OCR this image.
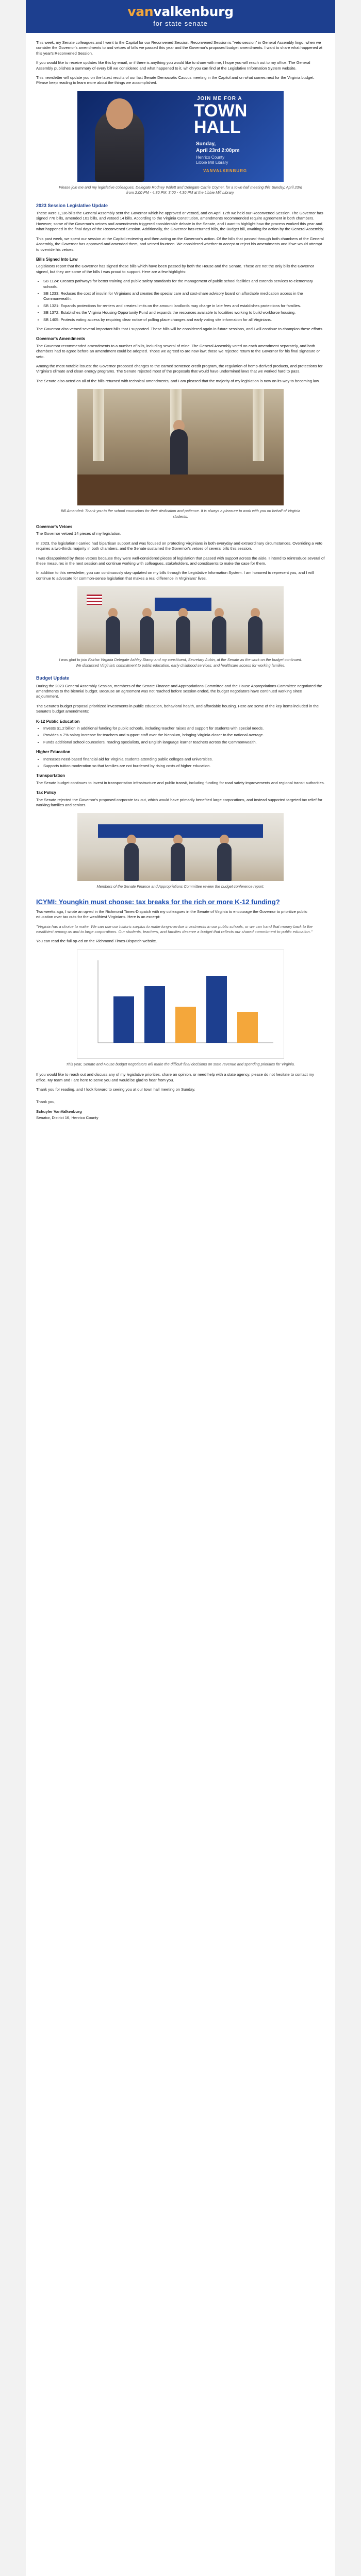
vanvalkenburg
for state senate

This week, my Senate colleagues and I went to the Capitol for our Reconvened Session. Reconvened Session is "veto session" in General Assembly lingo, when we consider the Governor's amendments to and vetoes of bills we passed this year and the Governor's proposed budget amendments. I want to share what happened at this year's Reconvened Session.

If you would like to receive updates like this by email, or if there is anything you would like to share with me, I hope you will reach out to my office. The General Assembly publishes a summary of every bill we considered and what happened to it, which you can find at the Legislative Information System website.

This newsletter will update you on the latest results of our last Senate Democratic Caucus meeting in the Capitol and on what comes next for the Virginia budget. Please keep reading to learn more about the things we accomplished.

JOIN ME FOR A
TOWN
HALL
Sunday,
April 23rd 2:00pm
Henrico County
Libbie Mill Library
VANVALKENBURG
Please join me and my legislative colleagues, Delegate Rodney Willett and Delegate Carrie Coyner, for a town hall meeting this Sunday, April 23rd from 2:00 PM - 4:30 PM, 3:00 - 4:30 PM at the Libbie Mill Library.
2023 Session Legislative Update

These were 1,136 bills the General Assembly sent the Governor which he approved or vetoed, and on April 12th we held our Reconvened Session. The Governor has signed 778 bills, amended 101 bills, and vetoed 14 bills. According to the Virginia Constitution, amendments recommended require agreement in both chambers. However, some of the Governor's vetoes and amendments triggered considerable debate in the Senate, and I want to highlight how the process worked this year and what happened in the final days of the Reconvened Session. Additionally, the Governor has returned bills, the Budget bill, awaiting for action by the General Assembly.

This past week, we spent our session at the Capitol reviewing and then acting on the Governor's action. Of the bills that passed through both chambers of the General Assembly, the Governor has approved and amended them, and vetoed fourteen. We considered whether to accept or reject his amendments and if we would attempt to override his vetoes.

Bills Signed Into Law

Legislators report that the Governor has signed these bills which have been passed by both the House and the Senate. These are not the only bills the Governor signed, but they are some of the bills I was proud to support. Here are a few highlights:

• SB 1124: Creates pathways for better training and public safety standards for the management of public school facilities and extends services to elementary schools.
• SB 1233: Reduces the cost of insulin for Virginians and creates the special care and cost-share advisory board on affordable medication access in the Commonwealth.
• SB 1321: Expands protections for renters and creates limits on the amount landlords may charge in late fees and establishes protections for families.
• SB 1372: Establishes the Virginia Housing Opportunity Fund and expands the resources available to localities working to build workforce housing.
• SB 1405: Protects voting access by requiring clear notice of polling place changes and early voting site information for all Virginians.

The Governor also vetoed several important bills that I supported. These bills will be considered again in future sessions, and I will continue to champion these efforts.

Governor's Amendments

The Governor recommended amendments to a number of bills, including several of mine. The General Assembly voted on each amendment separately, and both chambers had to agree before an amendment could be adopted. Those we agreed to are now law; those we rejected return to the Governor for his final signature or veto.

Among the most notable issues: the Governor proposed changes to the earned sentence credit program, the regulation of hemp-derived products, and protections for Virginia's climate and clean energy programs. The Senate rejected most of the proposals that would have undermined laws that we worked hard to pass.

The Senate also acted on all of the bills returned with technical amendments, and I am pleased that the majority of my legislation is now on its way to becoming law.

Bill Amended: Thank you to the school counselors for their dedication and patience. It is always a pleasure to work with you on behalf of Virginia students.
Governor's Vetoes

The Governor vetoed 14 pieces of my legislation.

In 2023, the legislation I carried had bipartisan support and was focused on protecting Virginians in both everyday and extraordinary circumstances. Overriding a veto requires a two-thirds majority in both chambers, and the Senate sustained the Governor's vetoes of several bills this session.

I was disappointed by these vetoes because they were well-considered pieces of legislation that passed with support across the aisle. I intend to reintroduce several of these measures in the next session and continue working with colleagues, stakeholders, and constituents to make the case for them.

In addition to this newsletter, you can continuously stay updated on my bills through the Legislative Information System. I am honored to represent you, and I will continue to advocate for common-sense legislation that makes a real difference in Virginians' lives.

I was glad to join Fairfax Virginia Delegate Ashley Stamp and my constituent, Secretary Aubin, at the Senate as the work on the budget continued. We discussed Virginia's commitment to public education, early childhood services, and healthcare access for working families.
Budget Update

During the 2023 General Assembly Session, members of the Senate Finance and Appropriations Committee and the House Appropriations Committee negotiated the amendments to the biennial budget. Because an agreement was not reached before session ended, the budget negotiators have continued working since adjournment.

The Senate's budget proposal prioritized investments in public education, behavioral health, and affordable housing. Here are some of the key items included in the Senate's budget amendments:

K-12 Public Education
• Invests $1.2 billion in additional funding for public schools, including teacher raises and support for students with special needs.
• Provides a 7% salary increase for teachers and support staff over the biennium, bringing Virginia closer to the national average.
• Funds additional school counselors, reading specialists, and English language learner teachers across the Commonwealth.
Higher Education
• Increases need-based financial aid for Virginia students attending public colleges and universities.
• Supports tuition moderation so that families are not burdened by rising costs of higher education.
Transportation

The Senate budget continues to invest in transportation infrastructure and public transit, including funding for road safety improvements and regional transit authorities.

Tax Policy

The Senate rejected the Governor's proposed corporate tax cut, which would have primarily benefited large corporations, and instead supported targeted tax relief for working families and seniors.

Members of the Senate Finance and Appropriations Committee review the budget conference report.
ICYMI: Youngkin must choose: tax breaks for the rich or more K-12 funding?

Two weeks ago, I wrote an op-ed in the Richmond Times-Dispatch with my colleagues in the Senate of Virginia to encourage the Governor to prioritize public education over tax cuts for the wealthiest Virginians. Here is an excerpt:

"Virginia has a choice to make. We can use our historic surplus to make long-overdue investments in our public schools, or we can hand that money back to the wealthiest among us and to large corporations. Our students, teachers, and families deserve a budget that reflects our shared commitment to public education."

You can read the full op-ed on the Richmond Times-Dispatch website.

This year, Senate and House budget negotiators will make the difficult final decisions on state revenue and spending priorities for Virginia.

If you would like to reach out and discuss any of my legislative priorities, share an opinion, or need help with a state agency, please do not hesitate to contact my office. My team and I are here to serve you and would be glad to hear from you.

Thank you for reading, and I look forward to seeing you at our town hall meeting on Sunday.

Thank you,

Schuyler VanValkenburg

Senator, District 16, Henrico County
